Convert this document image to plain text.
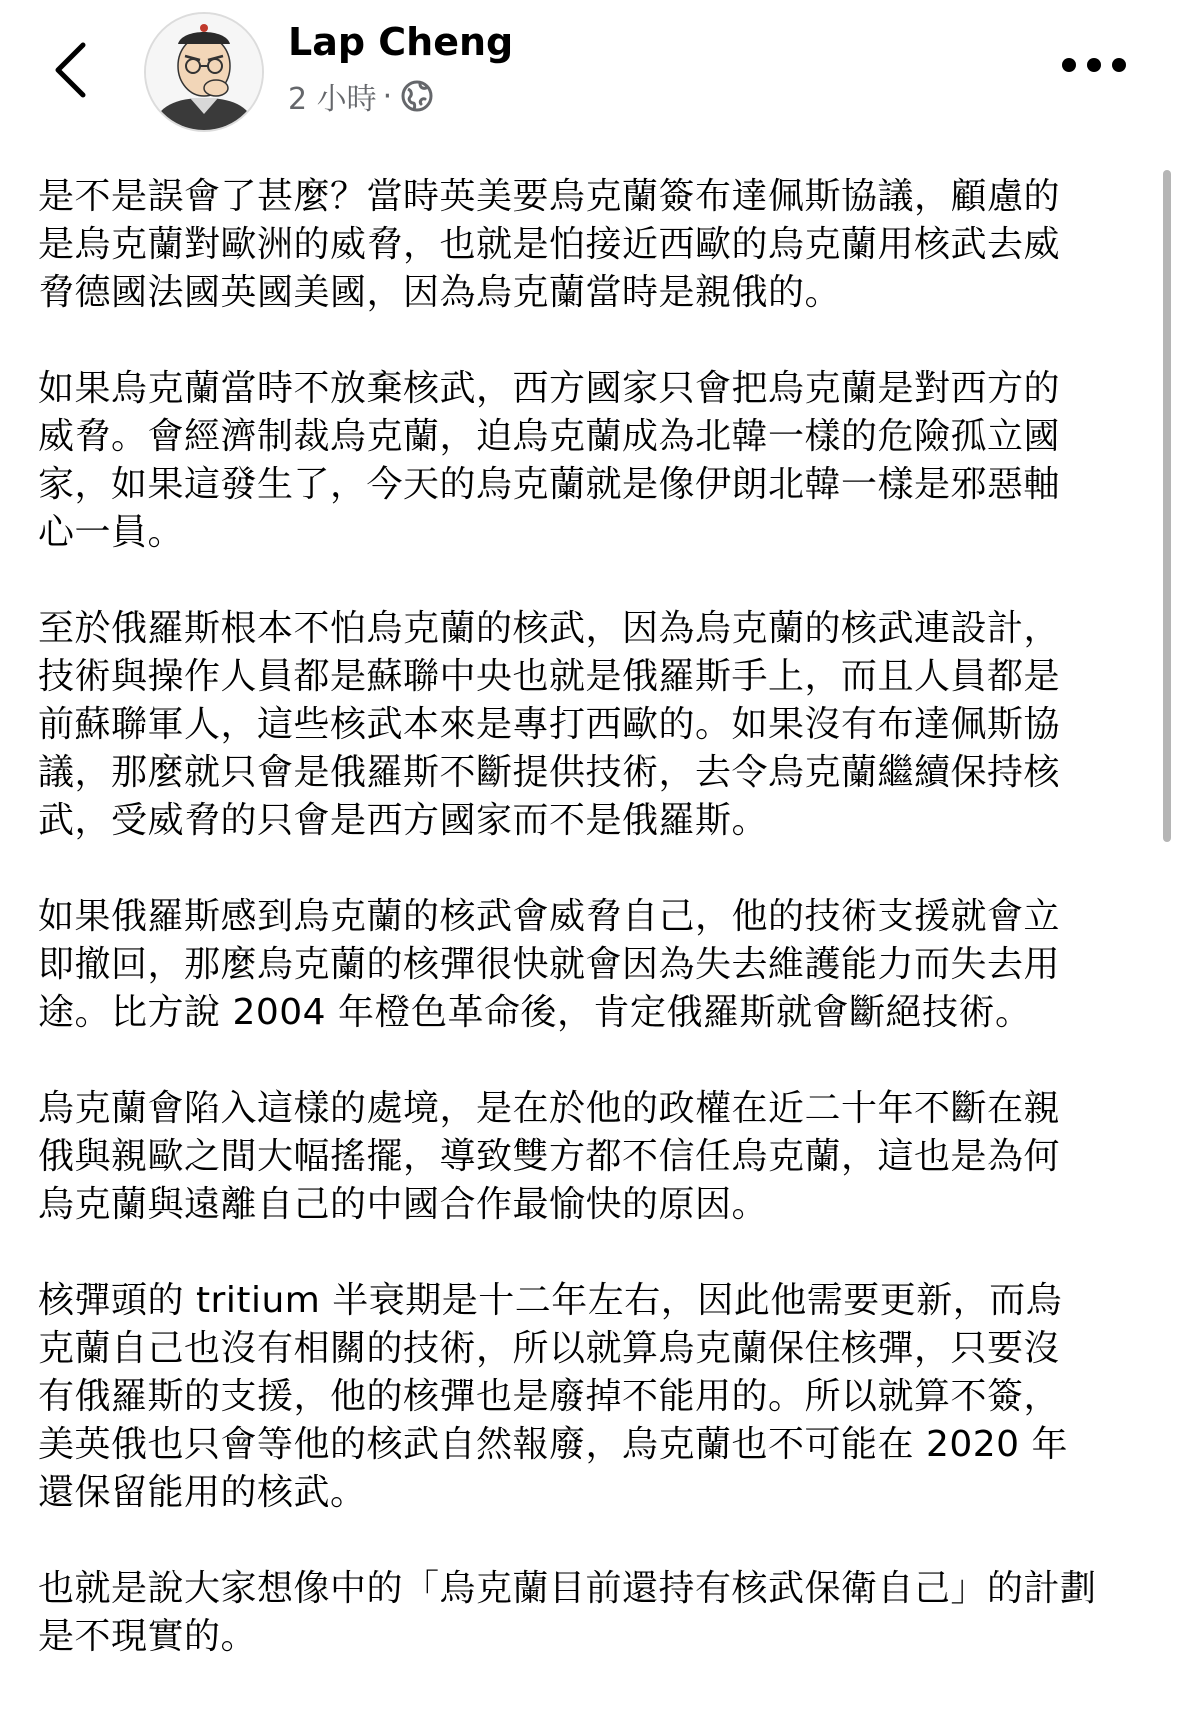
Lap Cheng
2 小時 ·

是不是誤會了甚麼？當時英美要烏克蘭簽布達佩斯協議，顧慮的
是烏克蘭對歐洲的威脅，也就是怕接近西歐的烏克蘭用核武去威
脅德國法國英國美國，因為烏克蘭當時是親俄的。

如果烏克蘭當時不放棄核武，西方國家只會把烏克蘭是對西方的
威脅。會經濟制裁烏克蘭，迫烏克蘭成為北韓一樣的危險孤立國
家，如果這發生了，今天的烏克蘭就是像伊朗北韓一樣是邪惡軸
心一員。

至於俄羅斯根本不怕烏克蘭的核武，因為烏克蘭的核武連設計，
技術與操作人員都是蘇聯中央也就是俄羅斯手上，而且人員都是
前蘇聯軍人，這些核武本來是專打西歐的。如果沒有布達佩斯協
議，那麼就只會是俄羅斯不斷提供技術，去令烏克蘭繼續保持核
武，受威脅的只會是西方國家而不是俄羅斯。

如果俄羅斯感到烏克蘭的核武會威脅自己，他的技術支援就會立
即撤回，那麼烏克蘭的核彈很快就會因為失去維護能力而失去用
途。比方說 2004 年橙色革命後，肯定俄羅斯就會斷絕技術。

烏克蘭會陷入這樣的處境，是在於他的政權在近二十年不斷在親
俄與親歐之間大幅搖擺，導致雙方都不信任烏克蘭，這也是為何
烏克蘭與遠離自己的中國合作最愉快的原因。

核彈頭的 tritium 半衰期是十二年左右，因此他需要更新，而烏
克蘭自己也沒有相關的技術，所以就算烏克蘭保住核彈，只要沒
有俄羅斯的支援，他的核彈也是廢掉不能用的。所以就算不簽，
美英俄也只會等他的核武自然報廢，烏克蘭也不可能在 2020 年
還保留能用的核武。

也就是說大家想像中的「烏克蘭目前還持有核武保衛自己」的計劃
是不現實的。
